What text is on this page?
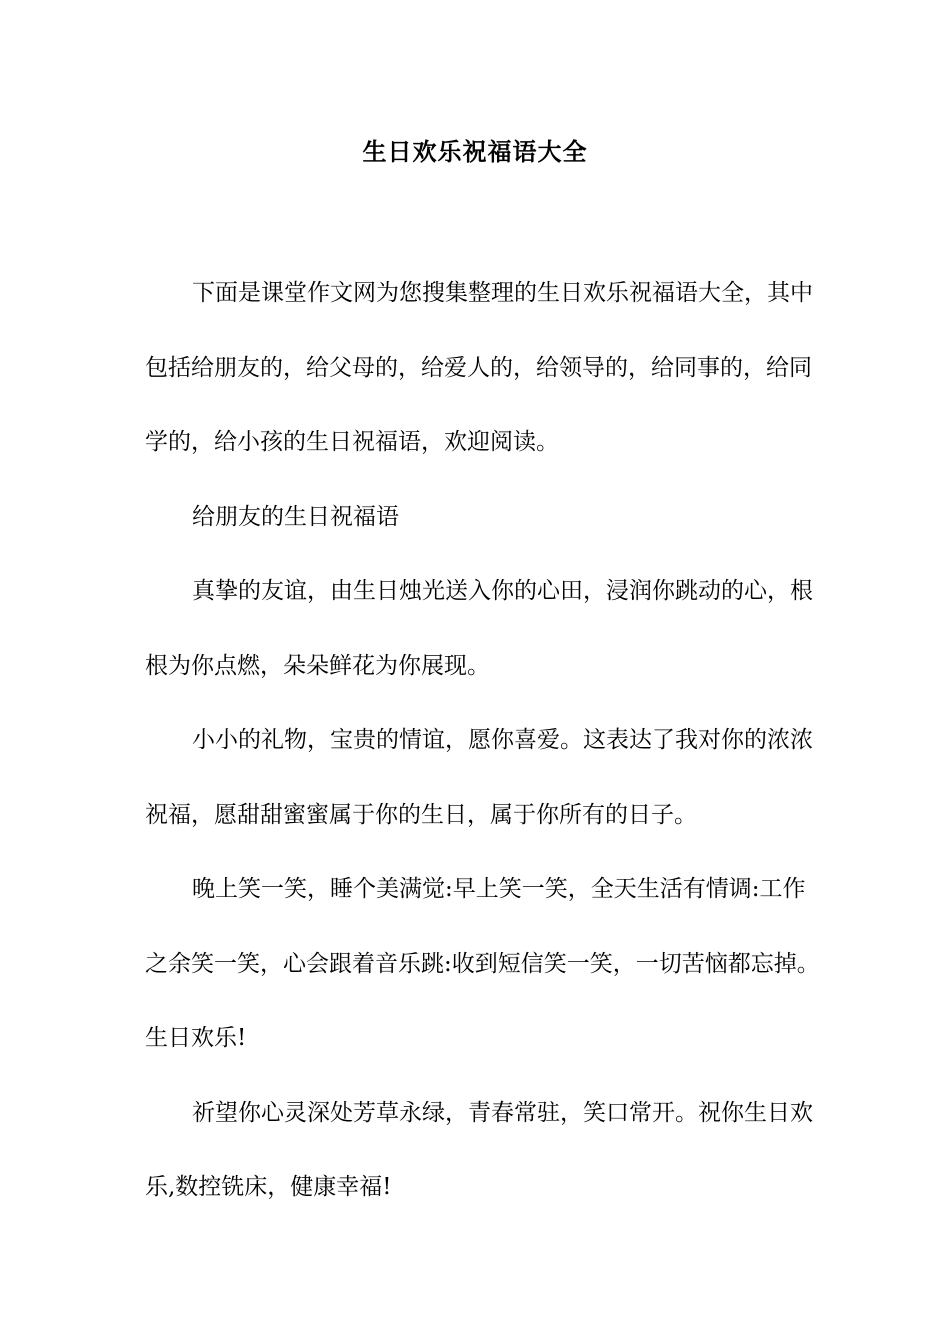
生日欢乐祝福语大全

下面是课堂作文网为您搜集整理的生日欢乐祝福语大全，其中包括给朋友的，给父母的，给爱人的，给领导的，给同事的，给同学的，给小孩的生日祝福语，欢迎阅读。

给朋友的生日祝福语

真挚的友谊，由生日烛光送入你的心田，浸润你跳动的心，根根为你点燃，朵朵鲜花为你展现。

小小的礼物，宝贵的情谊，愿你喜爱。这表达了我对你的浓浓祝福，愿甜甜蜜蜜属于你的生日，属于你所有的日子。

晚上笑一笑，睡个美满觉:早上笑一笑，全天生活有情调:工作之余笑一笑，心会跟着音乐跳:收到短信笑一笑，一切苦恼都忘掉。生日欢乐!

祈望你心灵深处芳草永绿，青春常驻，笑口常开。祝你生日欢乐,数控铣床，健康幸福!
